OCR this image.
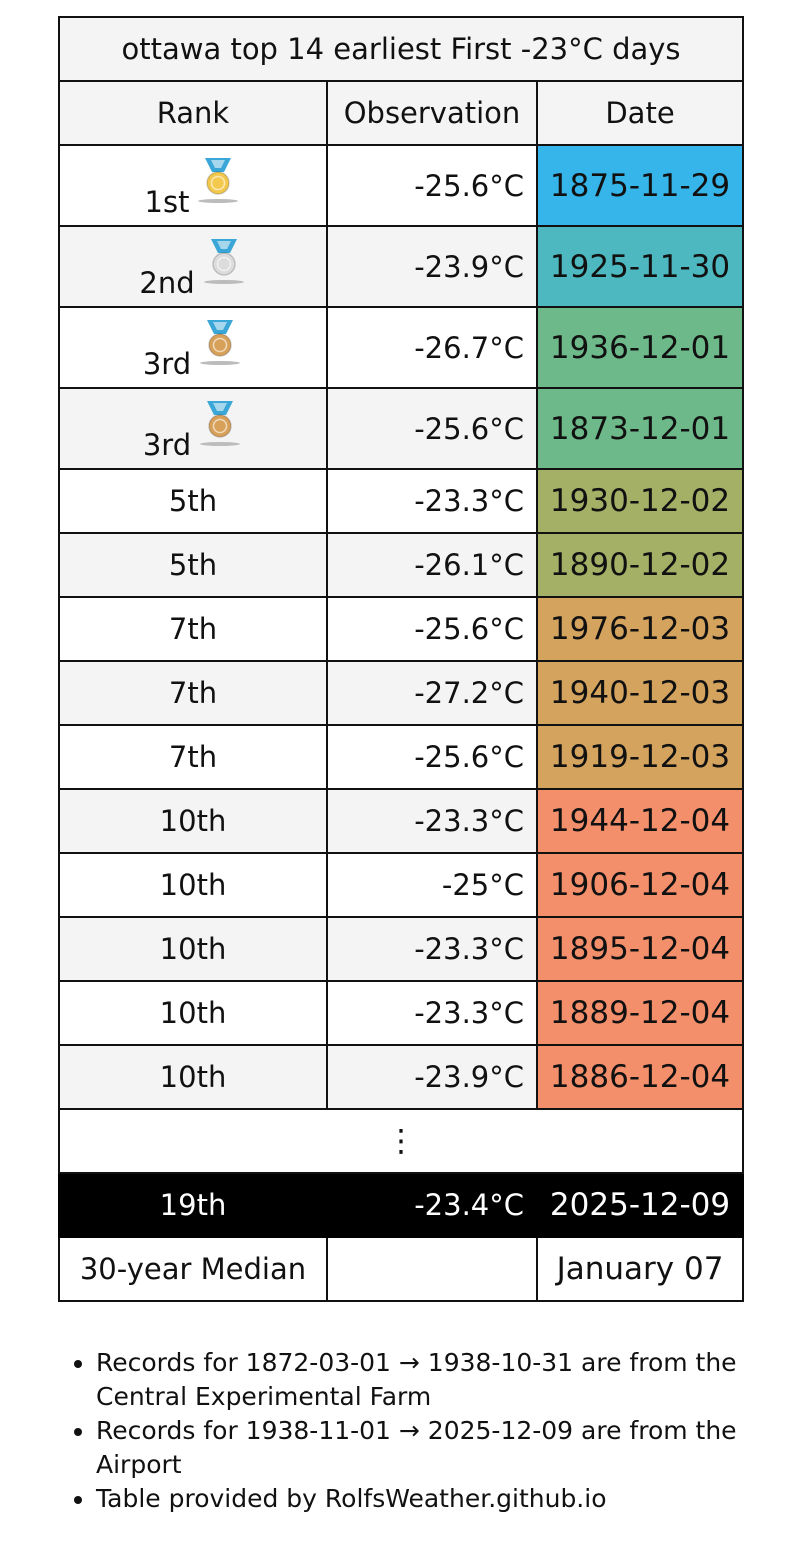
ottawa top 14 earliest First -23°C days		
Rank	Observation	Date
1st	-25.6°C	1875-11-29
2nd	-23.9°C	1925-11-30
3rd	-26.7°C	1936-12-01
3rd	-25.6°C	1873-12-01
5th	-23.3°C	1930-12-02
5th	-26.1°C	1890-12-02
7th	-25.6°C	1976-12-03
7th	-27.2°C	1940-12-03
7th	-25.6°C	1919-12-03
10th	-23.3°C	1944-12-04
10th	-25°C	1906-12-04
10th	-23.3°C	1895-12-04
10th	-23.3°C	1889-12-04
10th	-23.9°C	1886-12-04
⋮		
19th	-23.4°C	2025-12-09
30-year Median		January 07
• Records for 1872-03-01 → 1938-10-31 are from the Central Experimental Farm
• Records for 1938-11-01 → 2025-12-09 are from the Airport
• Table provided by RolfsWeather.github.io
